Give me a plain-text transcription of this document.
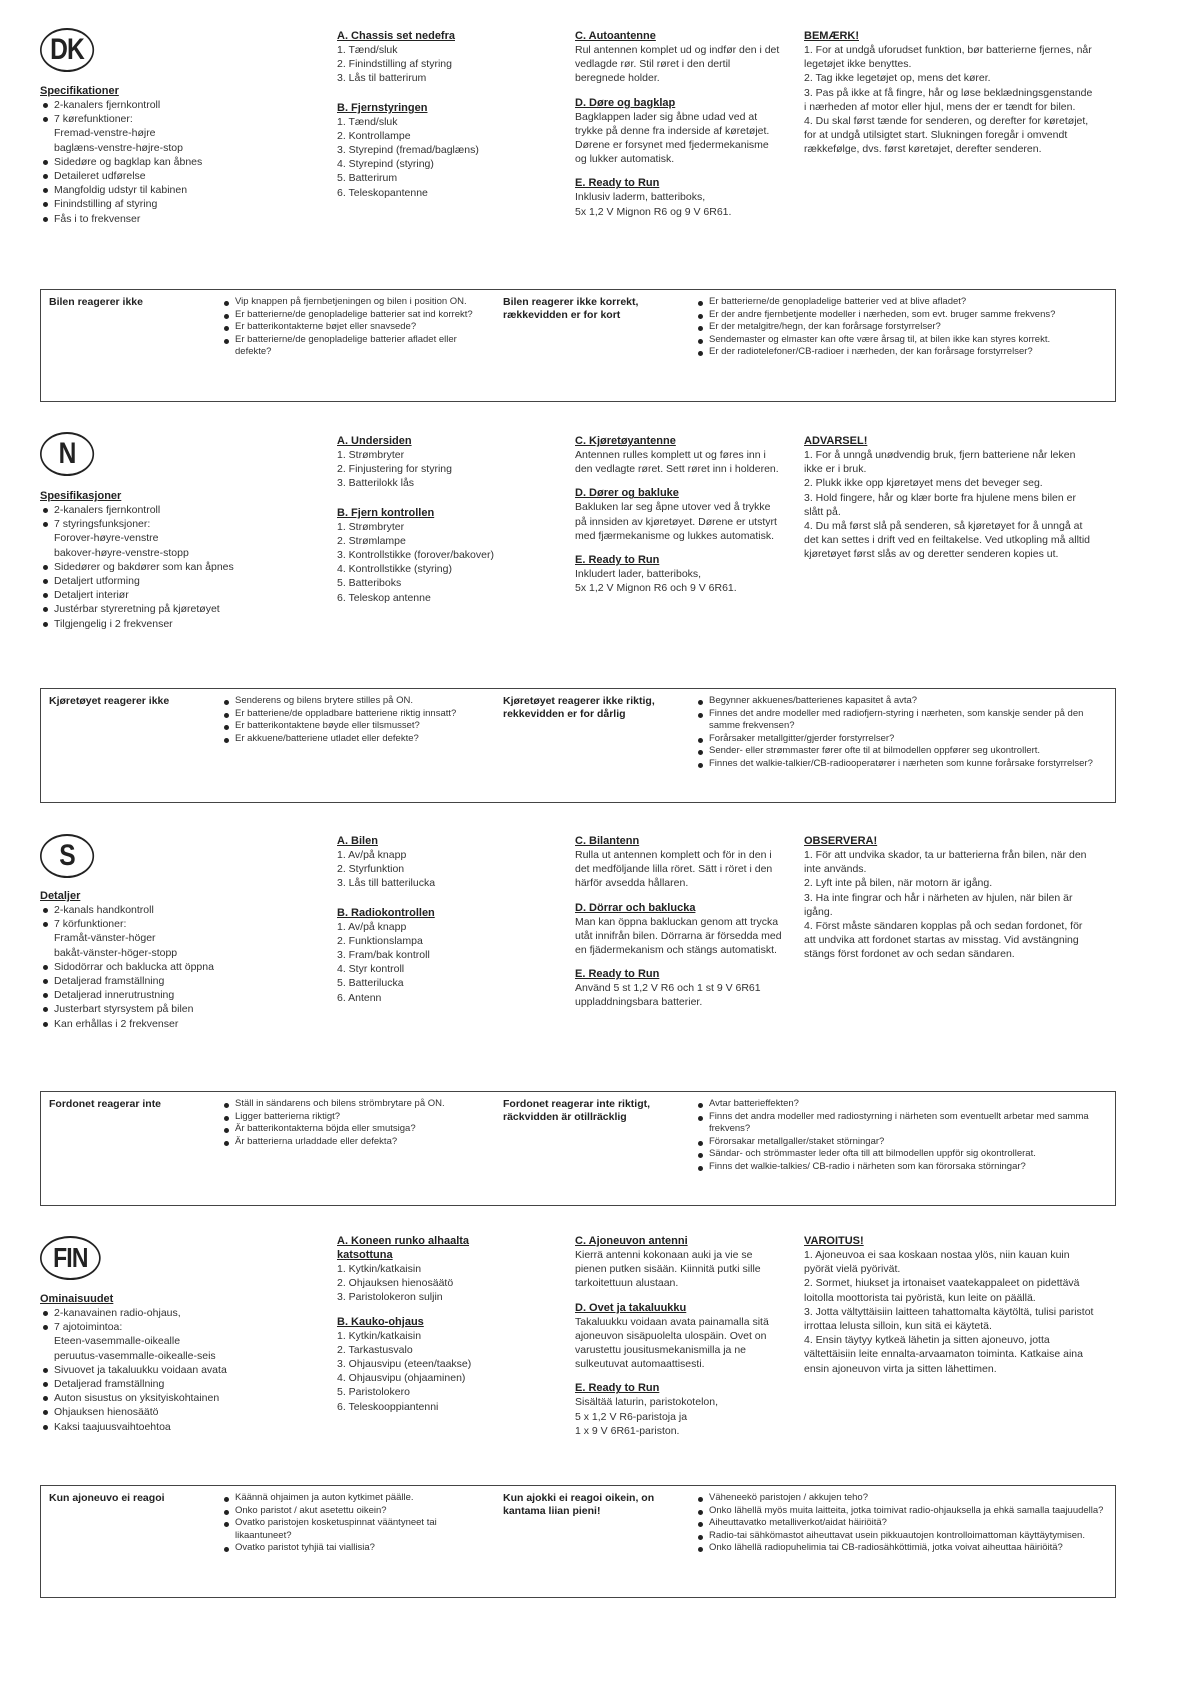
DK
Specifikationer
2-kanalers fjernkontroll
7 kørefunktioner:
Fremad-venstre-højre
baglæns-venstre-højre-stop
Sidedøre og bagklap kan åbnes
Detaileret udførelse
Mangfoldig udstyr til kabinen
Finindstilling af styring
Fås i to frekvenser
A. Chassis set nedefra

1. Tænd/sluk

2. Finindstilling af styring

3. Lås til batterirum

B. Fjernstyringen

1. Tænd/sluk

2. Kontrollampe

3. Styrepind (fremad/baglæns)

4. Styrepind (styring)

5. Batterirum

6. Teleskopantenne

C. Autoantenne

Rul antennen komplet ud og indfør den i det vedlagde rør. Stil røret i den dertil beregnede holder.

D. Døre og bagklap

Bagklappen lader sig åbne udad ved at trykke på denne fra inderside af køretøjet. Dørene er forsynet med fjedermekanisme og lukker automatisk.

E. Ready to Run

Inklusiv laderm, batteriboks,

5x 1,2 V Mignon R6 og 9 V 6R61.

BEMÆRK!

1. For at undgå uforudset funktion, bør batterierne fjernes, når legetøjet ikke benyttes.

2. Tag ikke legetøjet op, mens det kører.

3. Pas på ikke at få fingre, hår og løse beklædningsgenstande i nærheden af motor eller hjul, mens der er tændt for bilen.

4. Du skal først tænde for senderen, og derefter for køretøjet, for at undgå utilsigtet start. Slukningen foregår i omvendt rækkefølge, dvs. først køretøjet, derefter senderen.

Bilen reagerer ikke	Vip knappen på fjernbetjeningen og bilen i position ON.
Er batterierne/de genopladelige batterier sat ind korrekt?
Er batterikontakterne bøjet eller snavsede?
Er batterierne/de genopladelige batterier afladet eller defekte?
Bilen reagerer ikke korrekt, rækkevidden er for kort
Er batterierne/de genopladelige batterier ved at blive afladet?
Er der andre fjernbetjente modeller i nærheden, som evt. bruger samme frekvens?
Er der metalgitre/hegn, der kan forårsage forstyrrelser?
Sendemaster og elmaster kan ofte være årsag til, at bilen ikke kan styres korrekt.
Er der radiotelefoner/CB-radioer i nærheden, der kan forårsage forstyrrelser?
N
Spesifikasjoner
2-kanalers fjernkontroll
7 styringsfunksjoner:
Forover-høyre-venstre
bakover-høyre-venstre-stopp
Sidedører og bakdører som kan åpnes
Detaljert utforming
Detaljert interiør
Justérbar styreretning på kjøretøyet
Tilgjengelig i 2 frekvenser
A. Undersiden

1. Strømbryter

2. Finjustering for styring

3. Batterilokk lås

B. Fjern kontrollen

1. Strømbryter

2. Strømlampe

3. Kontrollstikke (forover/bakover)

4. Kontrollstikke (styring)

5. Batteriboks

6. Teleskop antenne

C. Kjøretøyantenne

Antennen rulles komplett ut og føres inn i den vedlagte røret. Sett røret inn i holderen.

D. Dører og bakluke

Bakluken lar seg åpne utover ved å trykke på innsiden av kjøretøyet. Dørene er utstyrt med fjærmekanisme og lukkes automatisk.

E. Ready to Run

Inkludert lader, batteriboks,

5x 1,2 V Mignon R6 och 9 V 6R61.

ADVARSEL!

1. For å unngå unødvendig bruk, fjern batteriene når leken ikke er i bruk.

2. Plukk ikke opp kjøretøyet mens det beveger seg.

3. Hold fingere, hår og klær borte fra hjulene mens bilen er slått på.

4. Du må først slå på senderen, så kjøretøyet for å unngå at det kan settes i drift ved en feiltakelse. Ved utkopling må alltid kjøretøyet først slås av og deretter senderen kopies ut.

Kjøretøyet reagerer ikke	Senderens og bilens brytere stilles på ON.
Er batteriene/de oppladbare batteriene riktig innsatt?
Er batterikontaktene bøyde eller tilsmusset?
Er akkuene/batteriene utladet eller defekte?
Kjøretøyet reagerer ikke riktig, rekkevidden er for dårlig
Begynner akkuenes/batterienes kapasitet å avta?
Finnes det andre modeller med radiofjern-styring i nærheten, som kanskje sender på den samme frekvensen?
Forårsaker metallgitter/gjerder forstyrrelser?
Sender- eller strømmaster fører ofte til at bilmodellen oppfører seg ukontrollert.
Finnes det walkie-talkier/CB-radiooperatører i nærheten som kunne forårsake forstyrrelser?
S
Detaljer
2-kanals handkontroll
7 körfunktioner:
Framåt-vänster-höger
bakåt-vänster-höger-stopp
Sidodörrar och baklucka att öppna
Detaljerad framställning
Detaljerad innerutrustning
Justerbart styrsystem på bilen
Kan erhållas i 2 frekvenser
A. Bilen

1. Av/på knapp

2. Styrfunktion

3. Lås till batterilucka

B. Radiokontrollen

1. Av/på knapp

2. Funktionslampa

3. Fram/bak kontroll

4. Styr kontroll

5. Batterilucka

6. Antenn

C. Bilantenn

Rulla ut antennen komplett och för in den i det medföljande lilla röret. Sätt i röret i den härför avsedda hållaren.

D. Dörrar och baklucka

Man kan öppna bakluckan genom att trycka utåt innifrån bilen. Dörrarna är försedda med en fjädermekanism och stängs automatiskt.

E. Ready to Run

Använd 5 st 1,2 V R6 och 1 st 9 V 6R61

uppladdningsbara batterier.

OBSERVERA!

1. För att undvika skador, ta ur batterierna från bilen, när den inte används.

2. Lyft inte på bilen, när motorn är igång.

3. Ha inte fingrar och hår i närheten av hjulen, när bilen är igång.

4. Först måste sändaren kopplas på och sedan fordonet, för att undvika att fordonet startas av misstag. Vid avstängning stängs först fordonet av och sedan sändaren.

Fordonet reagerar inte	Ställ in sändarens och bilens strömbrytare på ON.
Ligger batterierna riktigt?
Är batterikontakterna böjda eller smutsiga?
Är batterierna urladdade eller defekta?
Fordonet reagerar inte riktigt, räckvidden är otillräcklig
Avtar batterieffekten?
Finns det andra modeller med radiostyrning i närheten som eventuellt arbetar med samma frekvens?
Förorsakar metallgaller/staket störningar?
Sändar- och strömmaster leder ofta till att bilmodellen uppför sig okontrollerat.
Finns det walkie-talkies/ CB-radio i närheten som kan förorsaka störningar?
FIN
Ominaisuudet
2-kanavainen radio-ohjaus,
7 ajotoimintoa:
Eteen-vasemmalle-oikealle
peruutus-vasemmalle-oikealle-seis
Sivuovet ja takaluukku voidaan avata
Detaljerad framställning
Auton sisustus on yksityiskohtainen
Ohjauksen hienosäätö
Kaksi taajuusvaihtoehtoa
A. Koneen runko alhaalta katsottuna

1. Kytkin/katkaisin

2. Ohjauksen hienosäätö

3. Paristolokeron suljin

B. Kauko-ohjaus

1. Kytkin/katkaisin

2. Tarkastusvalo

3. Ohjausvipu (eteen/taakse)

4. Ohjausvipu (ohjaaminen)

5. Paristolokero

6. Teleskooppiantenni

C. Ajoneuvon antenni

Kierrä antenni kokonaan auki ja vie se pienen putken sisään. Kiinnitä putki sille tarkoitettuun alustaan.

D. Ovet ja takaluukku

Takaluukku voidaan avata painamalla sitä ajoneuvon sisäpuolelta ulospäin. Ovet on varustettu jousitusmekanismilla ja ne sulkeutuvat automaattisesti.

E. Ready to Run

Sisältää laturin, paristokotelon,

5 x 1,2 V R6-paristoja ja

1 x 9 V 6R61-pariston.

VAROITUS!

1. Ajoneuvoa ei saa koskaan nostaa ylös, niin kauan kuin pyörät vielä pyörivät.

2. Sormet, hiukset ja irtonaiset vaatekappaleet on pidettävä loitolla moottorista tai pyöristä, kun leite on päällä.

3. Jotta vältyttäisiin laitteen tahattomalta käytöltä, tulisi paristot irrottaa lelusta silloin, kun sitä ei käytetä.

4. Ensin täytyy kytkeä lähetin ja sitten ajoneuvo, jotta vältettäisiin leite ennalta-arvaamaton toiminta. Katkaise aina ensin ajoneuvon virta ja sitten lähettimen.

Kun ajoneuvo ei reagoi	Käännä ohjaimen ja auton kytkimet päälle.
Onko paristot / akut asetettu oikein?
Ovatko paristojen kosketuspinnat vääntyneet tai likaantuneet?
Ovatko paristot tyhjiä tai viallisia?
Kun ajokki ei reagoi oikein, on kantama liian pieni!
Väheneekö paristojen / akkujen teho?
Onko lähellä myös muita laitteita, jotka toimivat radio-ohjauksella ja ehkä samalla taajuudella?
Aiheuttavatko metalliverkot/aidat häiriöitä?
Radio-tai sähkömastot aiheuttavat usein pikkuautojen kontrolloimattoman käyttäytymisen.
Onko lähellä radiopuhelimia tai CB-radiosähköttimiä, jotka voivat aiheuttaa häiriöitä?
